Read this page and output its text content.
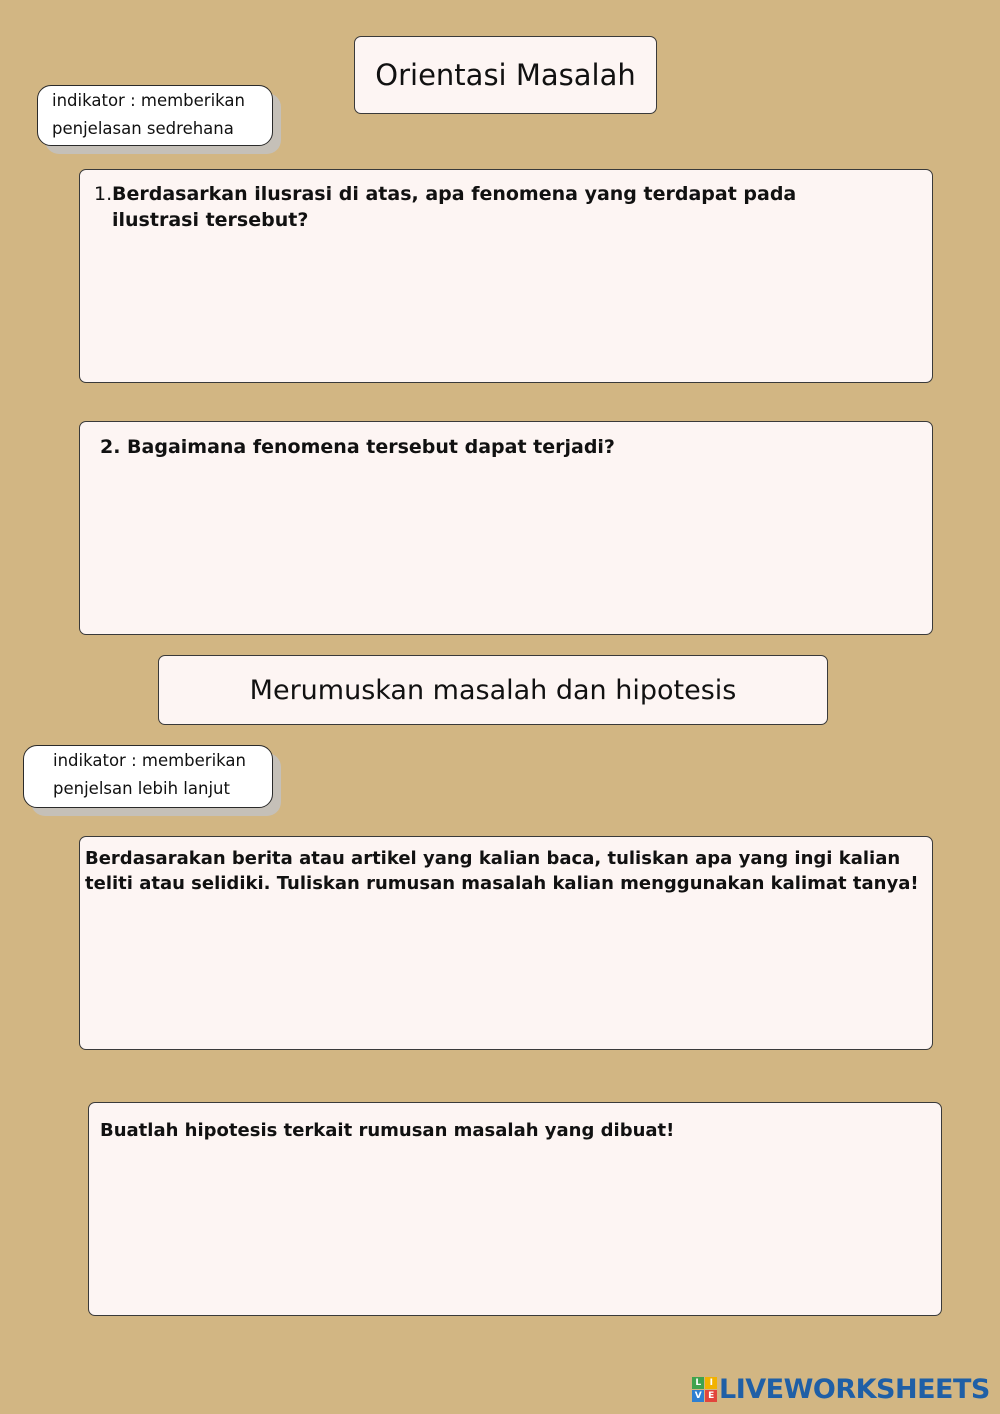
Orientasi Masalah
indikator : memberikan
penjelasan sedrehana
1. Berdasarkan ilusrasi di atas, apa fenomena yang terdapat pada ilustrasi tersebut?
2. Bagaimana fenomena tersebut dapat terjadi?
Merumuskan masalah dan hipotesis
indikator : memberikan
penjelsan lebih lanjut
Berdasarakan berita atau artikel yang kalian baca, tuliskan apa yang ingi kalian teliti atau selidiki. Tuliskan rumusan masalah kalian menggunakan kalimat tanya!
Buatlah hipotesis terkait rumusan masalah yang dibuat!
L I
V E LIVEWORKSHEETS
